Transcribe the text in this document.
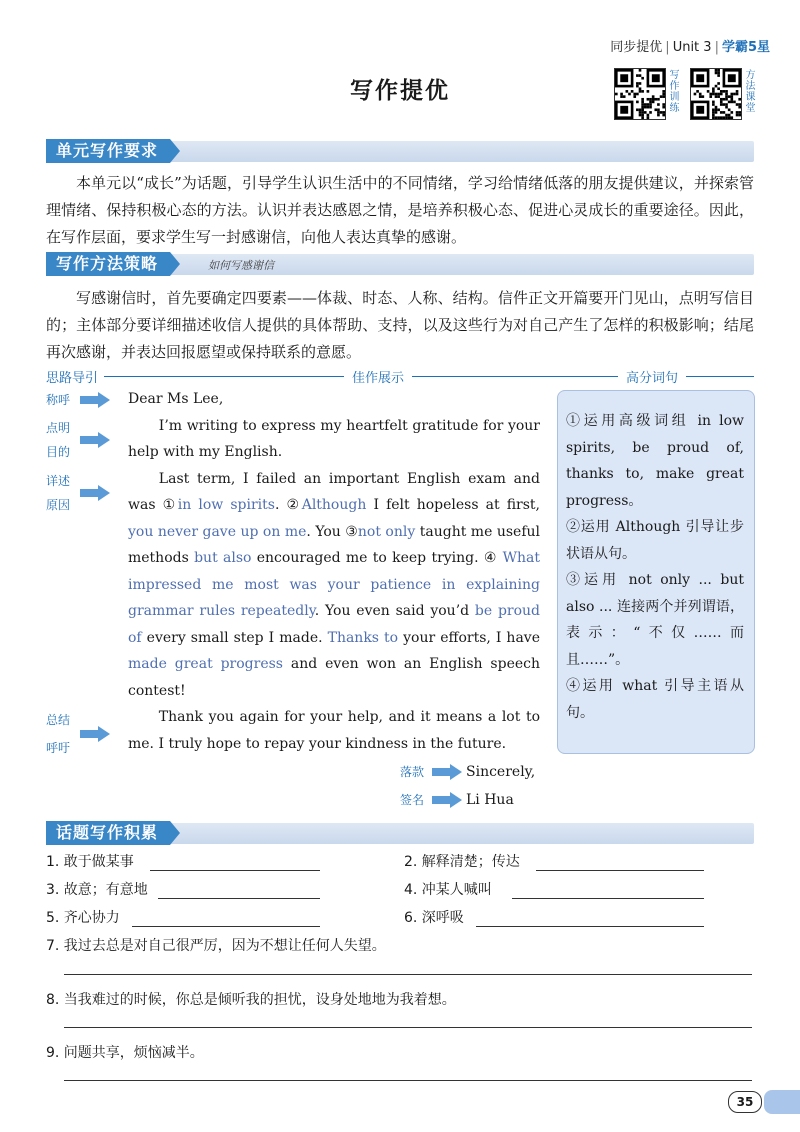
同步提优 | Unit 3 | 学霸5星
写作提优
写作训练
方法课堂
单元写作要求
本单元以“成长”为话题，引导学生认识生活中的不同情绪，学习给情绪低落的朋友提供建议，并探索管理情绪、保持积极心态的方法。认识并表达感恩之情，是培养积极心态、促进心灵成长的重要途径。因此，在写作层面，要求学生写一封感谢信，向他人表达真挚的感谢。
写作方法策略	如何写感谢信
写感谢信时，首先要确定四要素——体裁、时态、人称、结构。信件正文开篇要开门见山，点明写信目的；主体部分要详细描述收信人提供的具体帮助、支持，以及这些行为对自己产生了怎样的积极影响；结尾再次感谢，并表达回报愿望或保持联系的意愿。
思路导引	佳作展示	高分词句
称呼
点明
目的
详述
原因
总结
呼吁

Dear Ms Lee,

I’m writing to express my heartfelt gratitude for your help with my English.

Last term, I failed an important English exam and was ①in low spirits. ②Although I felt hopeless at first, you never gave up on me. You ③not only taught me useful methods but also encouraged me to keep trying. ④ What impressed me most was your patience in explaining grammar rules repeatedly. You even said you’d be proud of every small step I made. Thanks to your efforts, I have made great progress and even won an English speech contest!

Thank you again for your help, and it means a lot to me. I truly hope to repay your kindness in the future.

落款	Sincerely,
签名	Li Hua

①运用高级词组 in low spirits, be proud of, thanks to, make great progress。

②运用 Although 引导让步状语从句。

③运用 not only ... but also ... 连接两个并列谓语，表示：“不仅……而且……”。

④运用 what 引导主语从句。

话题写作积累
1. 敢于做某事	2. 解释清楚；传达
3. 故意；有意地	4. 冲某人喊叫
5. 齐心协力	6. 深呼吸
7. 我过去总是对自己很严厉，因为不想让任何人失望。
8. 当我难过的时候，你总是倾听我的担忧，设身处地地为我着想。
9. 问题共享，烦恼减半。
35
